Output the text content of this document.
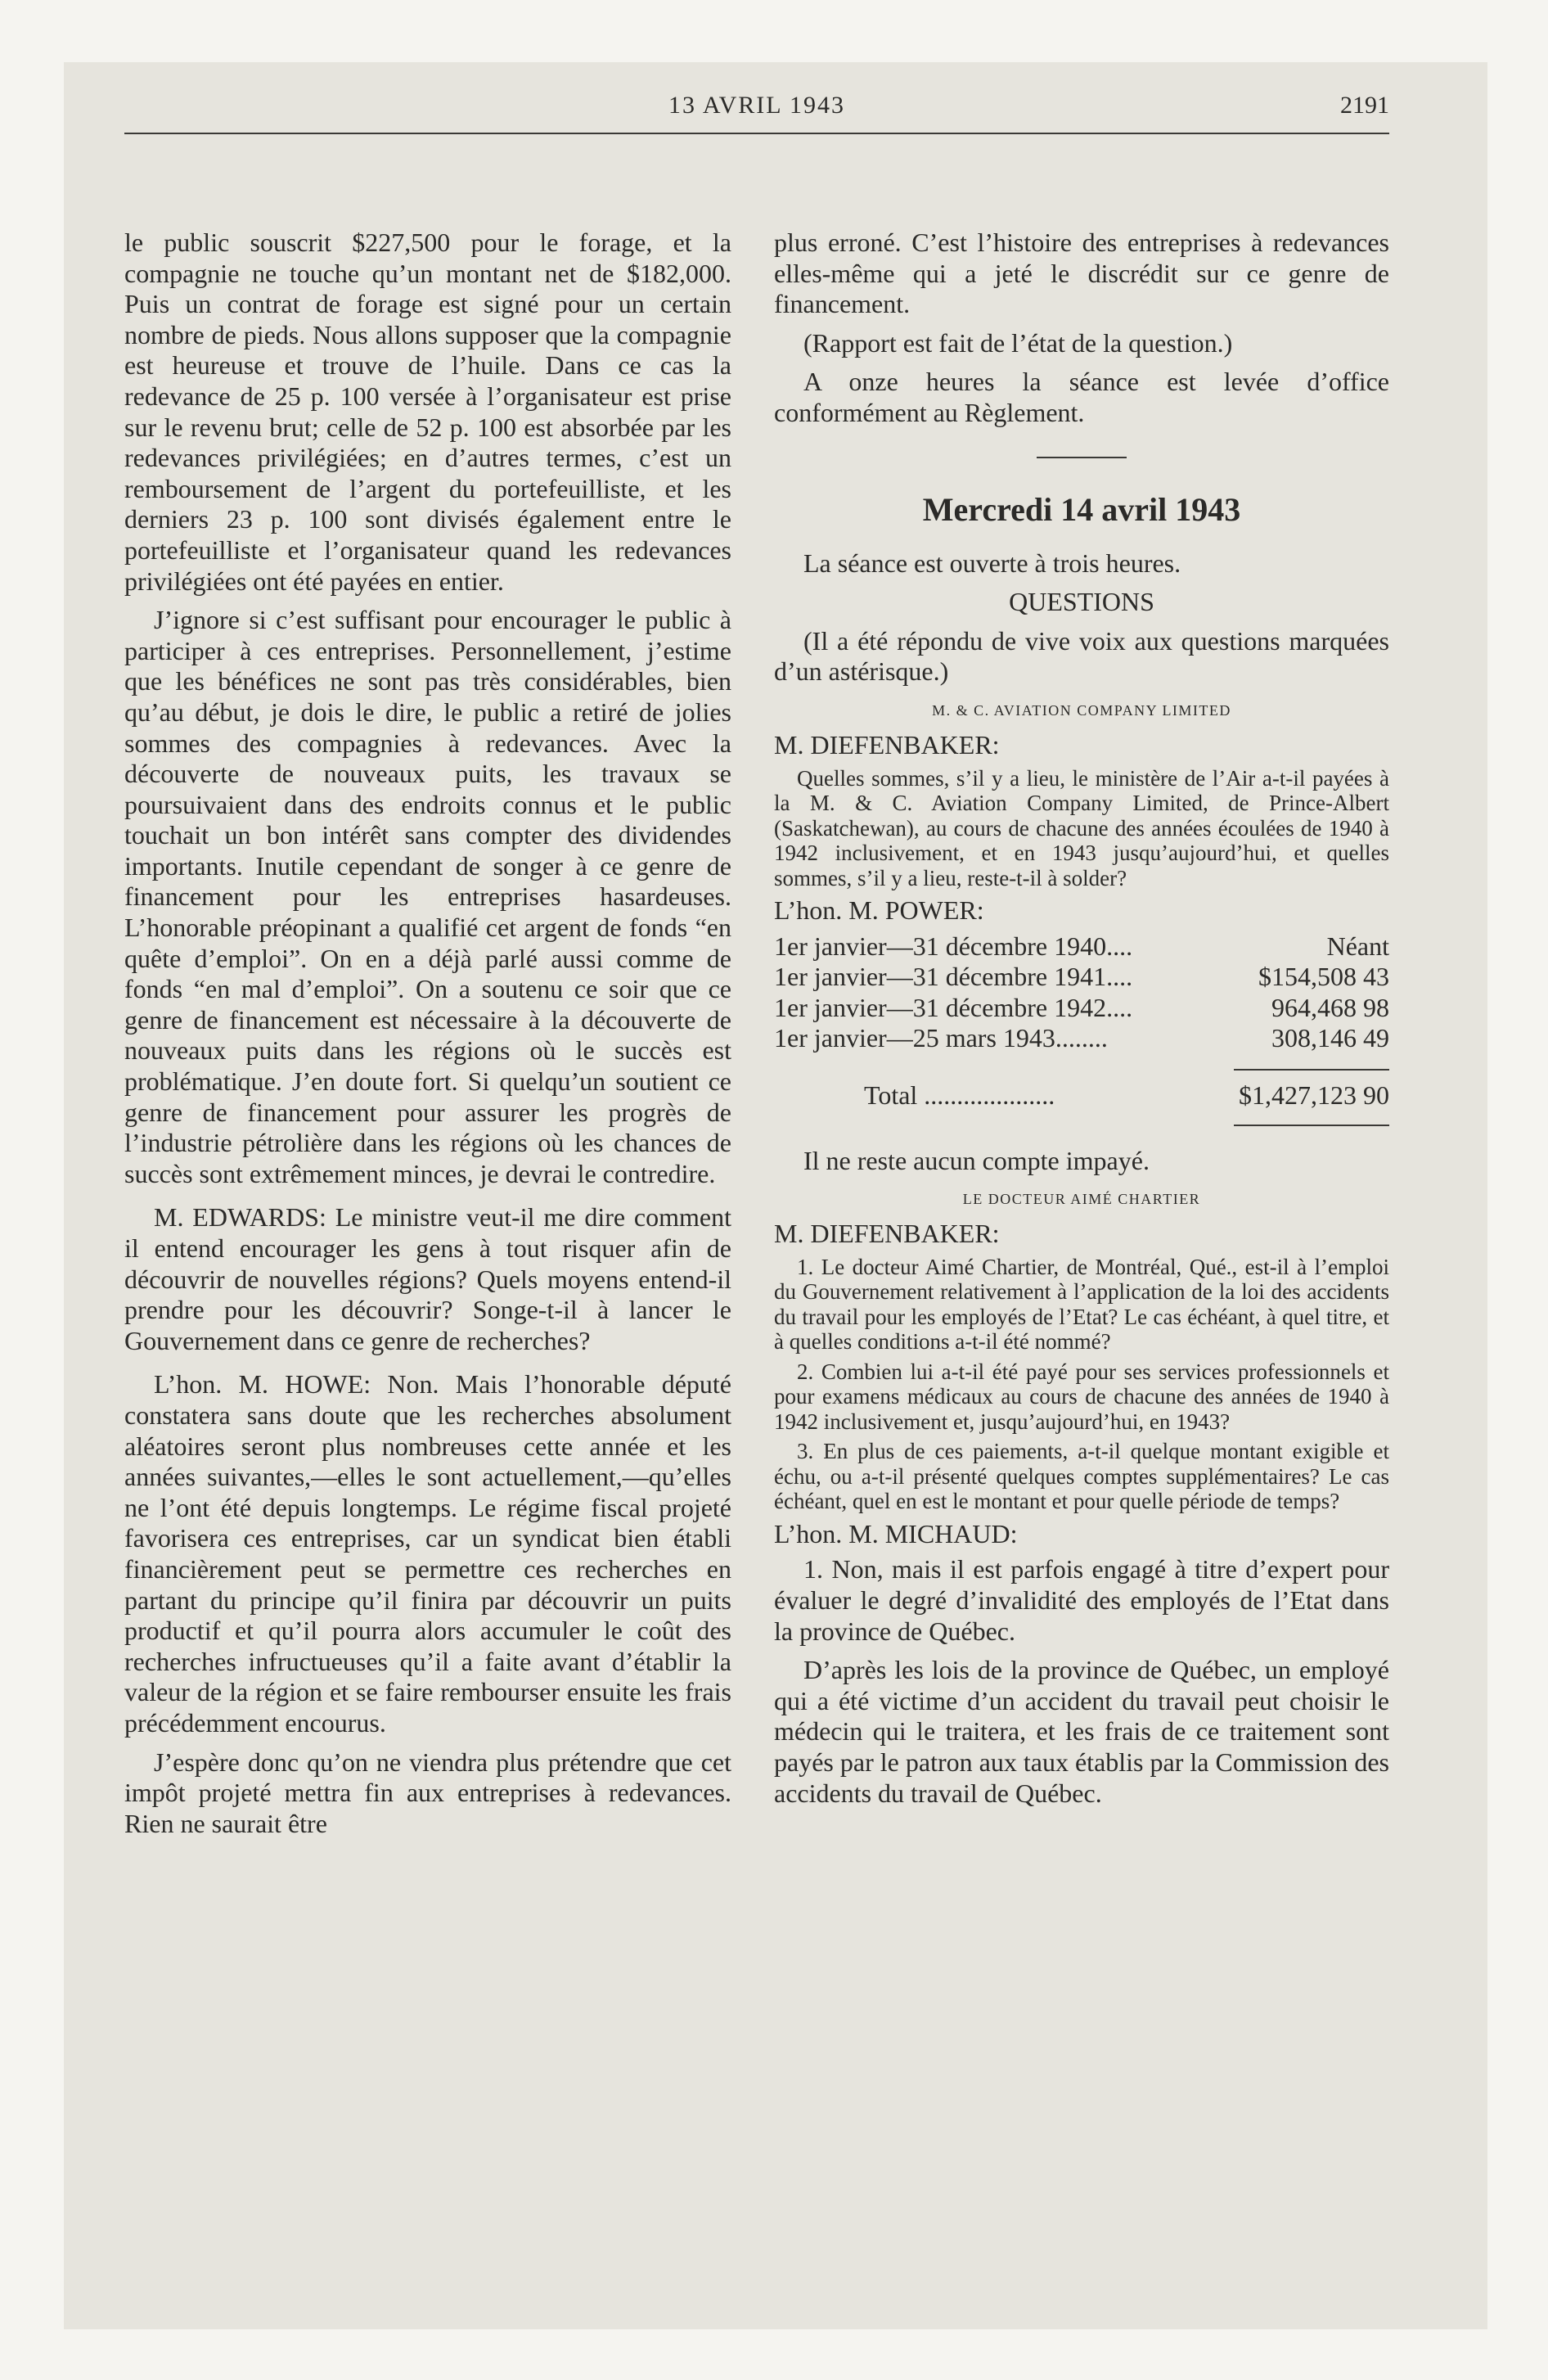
13 AVRIL 1943	2191

le public souscrit $227,500 pour le forage, et la compagnie ne touche qu’un montant net de $182,000. Puis un contrat de forage est signé pour un certain nombre de pieds. Nous allons supposer que la compagnie est heureuse et trouve de l’huile. Dans ce cas la redevance de 25 p. 100 versée à l’organisateur est prise sur le revenu brut; celle de 52 p. 100 est absorbée par les redevances privilégiées; en d’autres termes, c’est un remboursement de l’argent du portefeuilliste, et les derniers 23 p. 100 sont divisés également entre le portefeuilliste et l’organisateur quand les redevances privilégiées ont été payées en entier.

J’ignore si c’est suffisant pour encourager le public à participer à ces entreprises. Personnellement, j’estime que les bénéfices ne sont pas très considérables, bien qu’au début, je dois le dire, le public a retiré de jolies sommes des compagnies à redevances. Avec la découverte de nouveaux puits, les travaux se poursuivaient dans des endroits connus et le public touchait un bon intérêt sans compter des dividendes importants. Inutile cependant de songer à ce genre de financement pour les entreprises hasardeuses. L’honorable préopinant a qualifié cet argent de fonds “en quête d’emploi”. On en a déjà parlé aussi comme de fonds “en mal d’emploi”. On a soutenu ce soir que ce genre de financement est nécessaire à la découverte de nouveaux puits dans les régions où le succès est problématique. J’en doute fort. Si quelqu’un soutient ce genre de financement pour assurer les progrès de l’industrie pétrolière dans les régions où les chances de succès sont extrêmement minces, je devrai le contredire.

M. EDWARDS: Le ministre veut-il me dire comment il entend encourager les gens à tout risquer afin de découvrir de nouvelles régions? Quels moyens entend-il prendre pour les découvrir? Songe-t-il à lancer le Gouvernement dans ce genre de recherches?

L’hon. M. HOWE: Non. Mais l’honorable député constatera sans doute que les recherches absolument aléatoires seront plus nombreuses cette année et les années suivantes,—elles le sont actuellement,—qu’elles ne l’ont été depuis longtemps. Le régime fiscal projeté favorisera ces entreprises, car un syndicat bien établi financièrement peut se permettre ces recherches en partant du principe qu’il finira par découvrir un puits productif et qu’il pourra alors accumuler le coût des recherches infructueuses qu’il a faite avant d’établir la valeur de la région et se faire rembourser ensuite les frais précédemment encourus.

J’espère donc qu’on ne viendra plus prétendre que cet impôt projeté mettra fin aux entreprises à redevances. Rien ne saurait être

plus erroné. C’est l’histoire des entreprises à redevances elles-même qui a jeté le discrédit sur ce genre de financement.

(Rapport est fait de l’état de la question.)

A onze heures la séance est levée d’office conformément au Règlement.

Mercredi 14 avril 1943

La séance est ouverte à trois heures.

QUESTIONS

(Il a été répondu de vive voix aux questions marquées d’un astérisque.)

M. & C. AVIATION COMPANY LIMITED

M. DIEFENBAKER:

Quelles sommes, s’il y a lieu, le ministère de l’Air a-t-il payées à la M. & C. Aviation Company Limited, de Prince-Albert (Saskatchewan), au cours de chacune des années écoulées de 1940 à 1942 inclusivement, et en 1943 jusqu’aujourd’hui, et quelles sommes, s’il y a lieu, reste-t-il à solder?

L’hon. M. POWER:

1er janvier—31 décembre 1940....	Néant
1er janvier—31 décembre 1941....	$154,508 43
1er janvier—31 décembre 1942....	964,468 98
1er janvier—25 mars 1943........	308,146 49
Total ....................	$1,427,123 90

Il ne reste aucun compte impayé.

LE DOCTEUR AIMÉ CHARTIER

M. DIEFENBAKER:

1. Le docteur Aimé Chartier, de Montréal, Qué., est-il à l’emploi du Gouvernement relativement à l’application de la loi des accidents du travail pour les employés de l’Etat? Le cas échéant, à quel titre, et à quelles conditions a-t-il été nommé?

2. Combien lui a-t-il été payé pour ses services professionnels et pour examens médicaux au cours de chacune des années de 1940 à 1942 inclusivement et, jusqu’aujourd’hui, en 1943?

3. En plus de ces paiements, a-t-il quelque montant exigible et échu, ou a-t-il présenté quelques comptes supplémentaires? Le cas échéant, quel en est le montant et pour quelle période de temps?

L’hon. M. MICHAUD:

1. Non, mais il est parfois engagé à titre d’expert pour évaluer le degré d’invalidité des employés de l’Etat dans la province de Québec.

D’après les lois de la province de Québec, un employé qui a été victime d’un accident du travail peut choisir le médecin qui le traitera, et les frais de ce traitement sont payés par le patron aux taux établis par la Commission des accidents du travail de Québec.
